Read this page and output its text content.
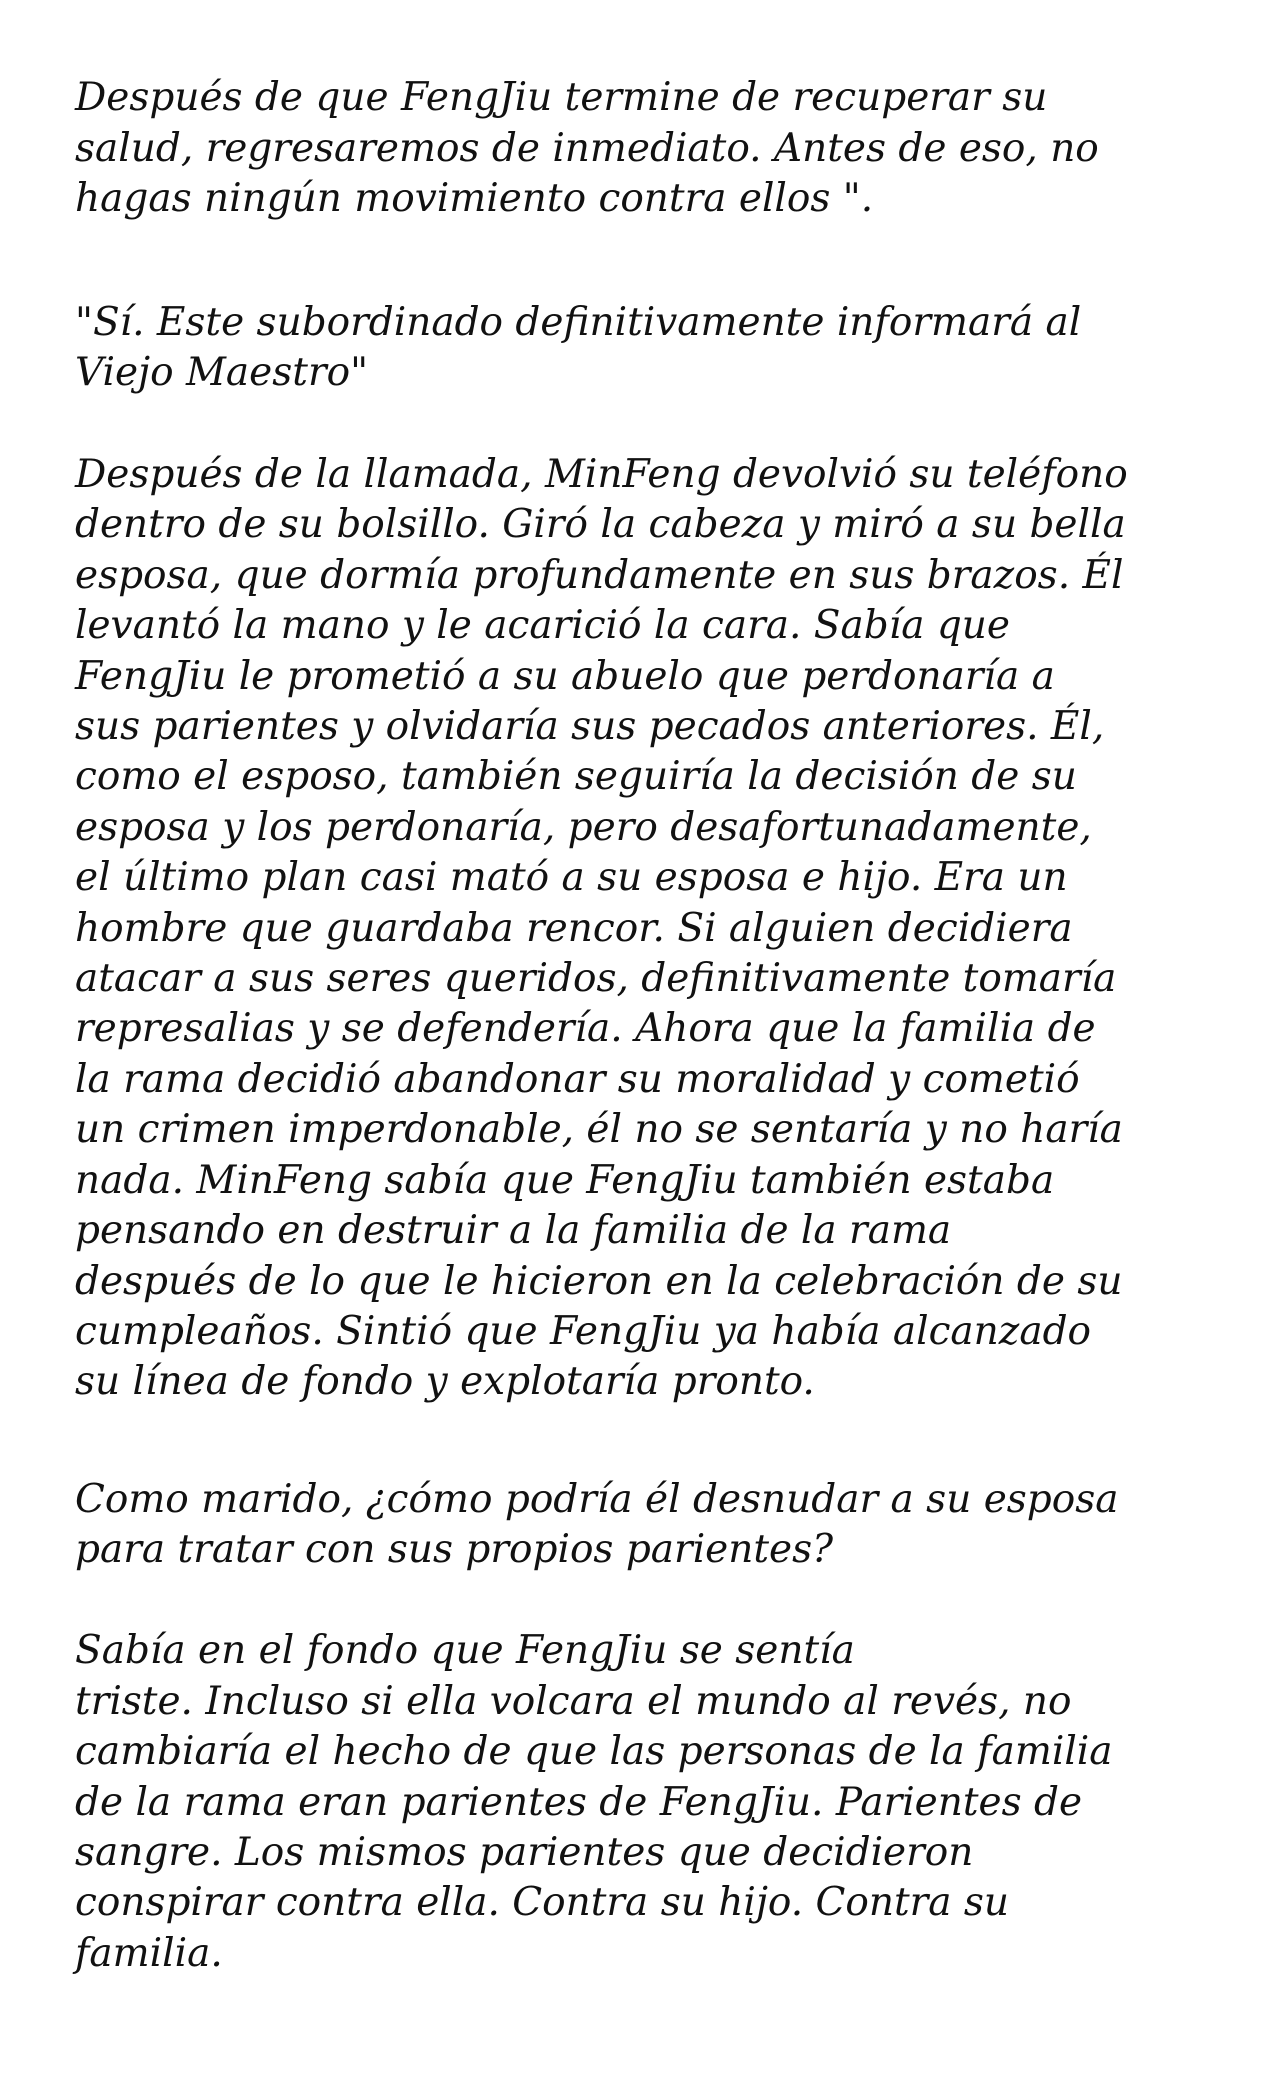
Después de que FengJiu termine de recuperar su

salud, regresaremos de inmediato. Antes de eso, no

hagas ningún movimiento contra ellos ".

"Sí. Este subordinado definitivamente informará al

Viejo Maestro"

Después de la llamada, MinFeng devolvió su teléfono

dentro de su bolsillo. Giró la cabeza y miró a su bella

esposa, que dormía profundamente en sus brazos. Él

levantó la mano y le acarició la cara. Sabía que

FengJiu le prometió a su abuelo que perdonaría a

sus parientes y olvidaría sus pecados anteriores. Él,

como el esposo, también seguiría la decisión de su

esposa y los perdonaría, pero desafortunadamente,

el último plan casi mató a su esposa e hijo. Era un

hombre que guardaba rencor. Si alguien decidiera

atacar a sus seres queridos, definitivamente tomaría

represalias y se defendería. Ahora que la familia de

la rama decidió abandonar su moralidad y cometió

un crimen imperdonable, él no se sentaría y no haría

nada. MinFeng sabía que FengJiu también estaba

pensando en destruir a la familia de la rama

después de lo que le hicieron en la celebración de su

cumpleaños. Sintió que FengJiu ya había alcanzado

su línea de fondo y explotaría pronto.

Como marido, ¿cómo podría él desnudar a su esposa

para tratar con sus propios parientes?

Sabía en el fondo que FengJiu se sentía

triste. Incluso si ella volcara el mundo al revés, no

cambiaría el hecho de que las personas de la familia

de la rama eran parientes de FengJiu. Parientes de

sangre. Los mismos parientes que decidieron

conspirar contra ella. Contra su hijo. Contra su

familia.
